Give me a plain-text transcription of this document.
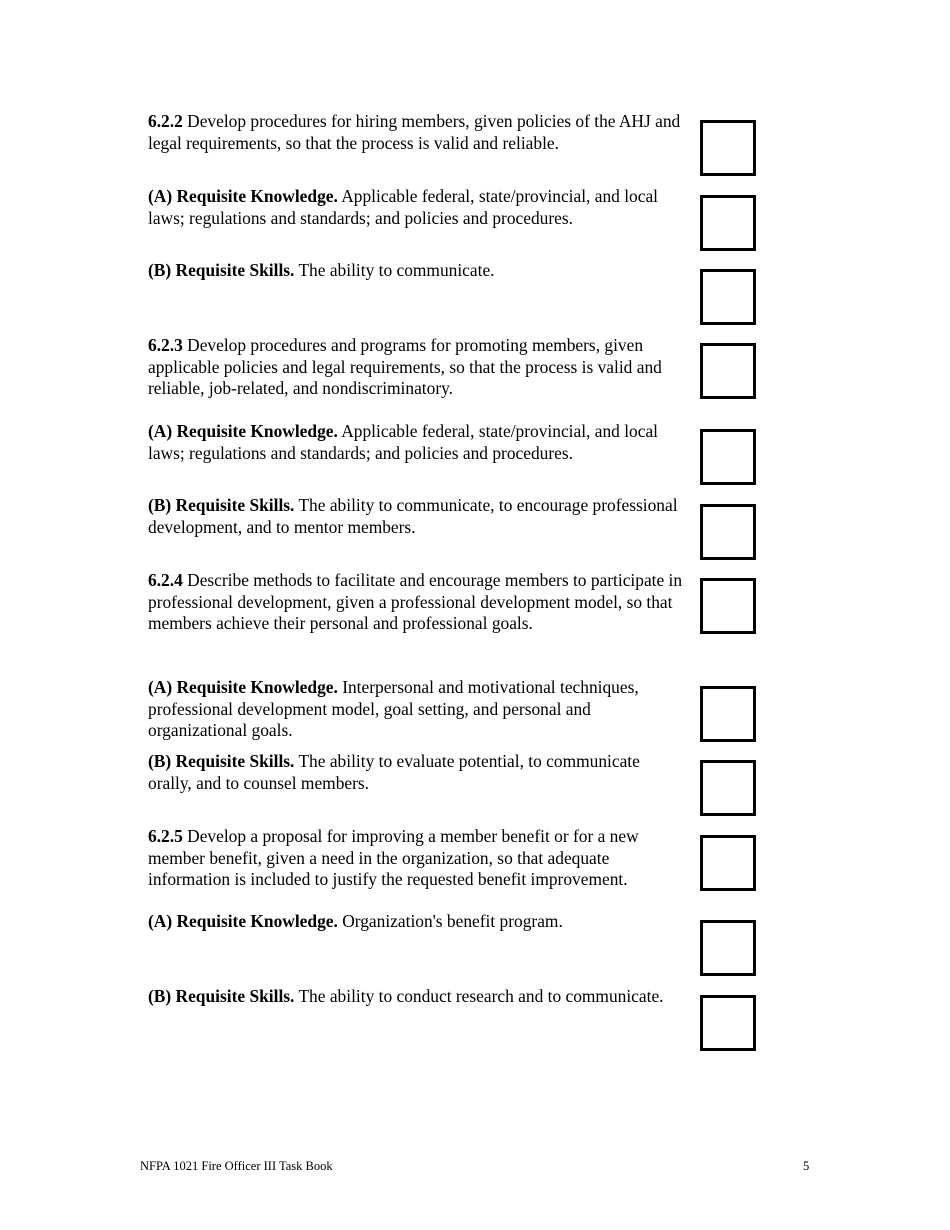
6.2.2 Develop procedures for hiring members, given policies of the AHJ and legal requirements, so that the process is valid and reliable.
(A) Requisite Knowledge. Applicable federal, state/provincial, and local laws; regulations and standards; and policies and procedures.
(B) Requisite Skills. The ability to communicate.
6.2.3 Develop procedures and programs for promoting members, given applicable policies and legal requirements, so that the process is valid and reliable, job-related, and nondiscriminatory.
(A) Requisite Knowledge. Applicable federal, state/provincial, and local laws; regulations and standards; and policies and procedures.
(B) Requisite Skills. The ability to communicate, to encourage professional development, and to mentor members.
6.2.4 Describe methods to facilitate and encourage members to participate in professional development, given a professional development model, so that members achieve their personal and professional goals.
(A) Requisite Knowledge. Interpersonal and motivational techniques, professional development model, goal setting, and personal and organizational goals.
(B) Requisite Skills. The ability to evaluate potential, to communicate orally, and to counsel members.
6.2.5 Develop a proposal for improving a member benefit or for a new member benefit, given a need in the organization, so that adequate information is included to justify the requested benefit improvement.
(A) Requisite Knowledge. Organization's benefit program.
(B) Requisite Skills. The ability to conduct research and to communicate.
NFPA 1021 Fire Officer III Task Book	5
